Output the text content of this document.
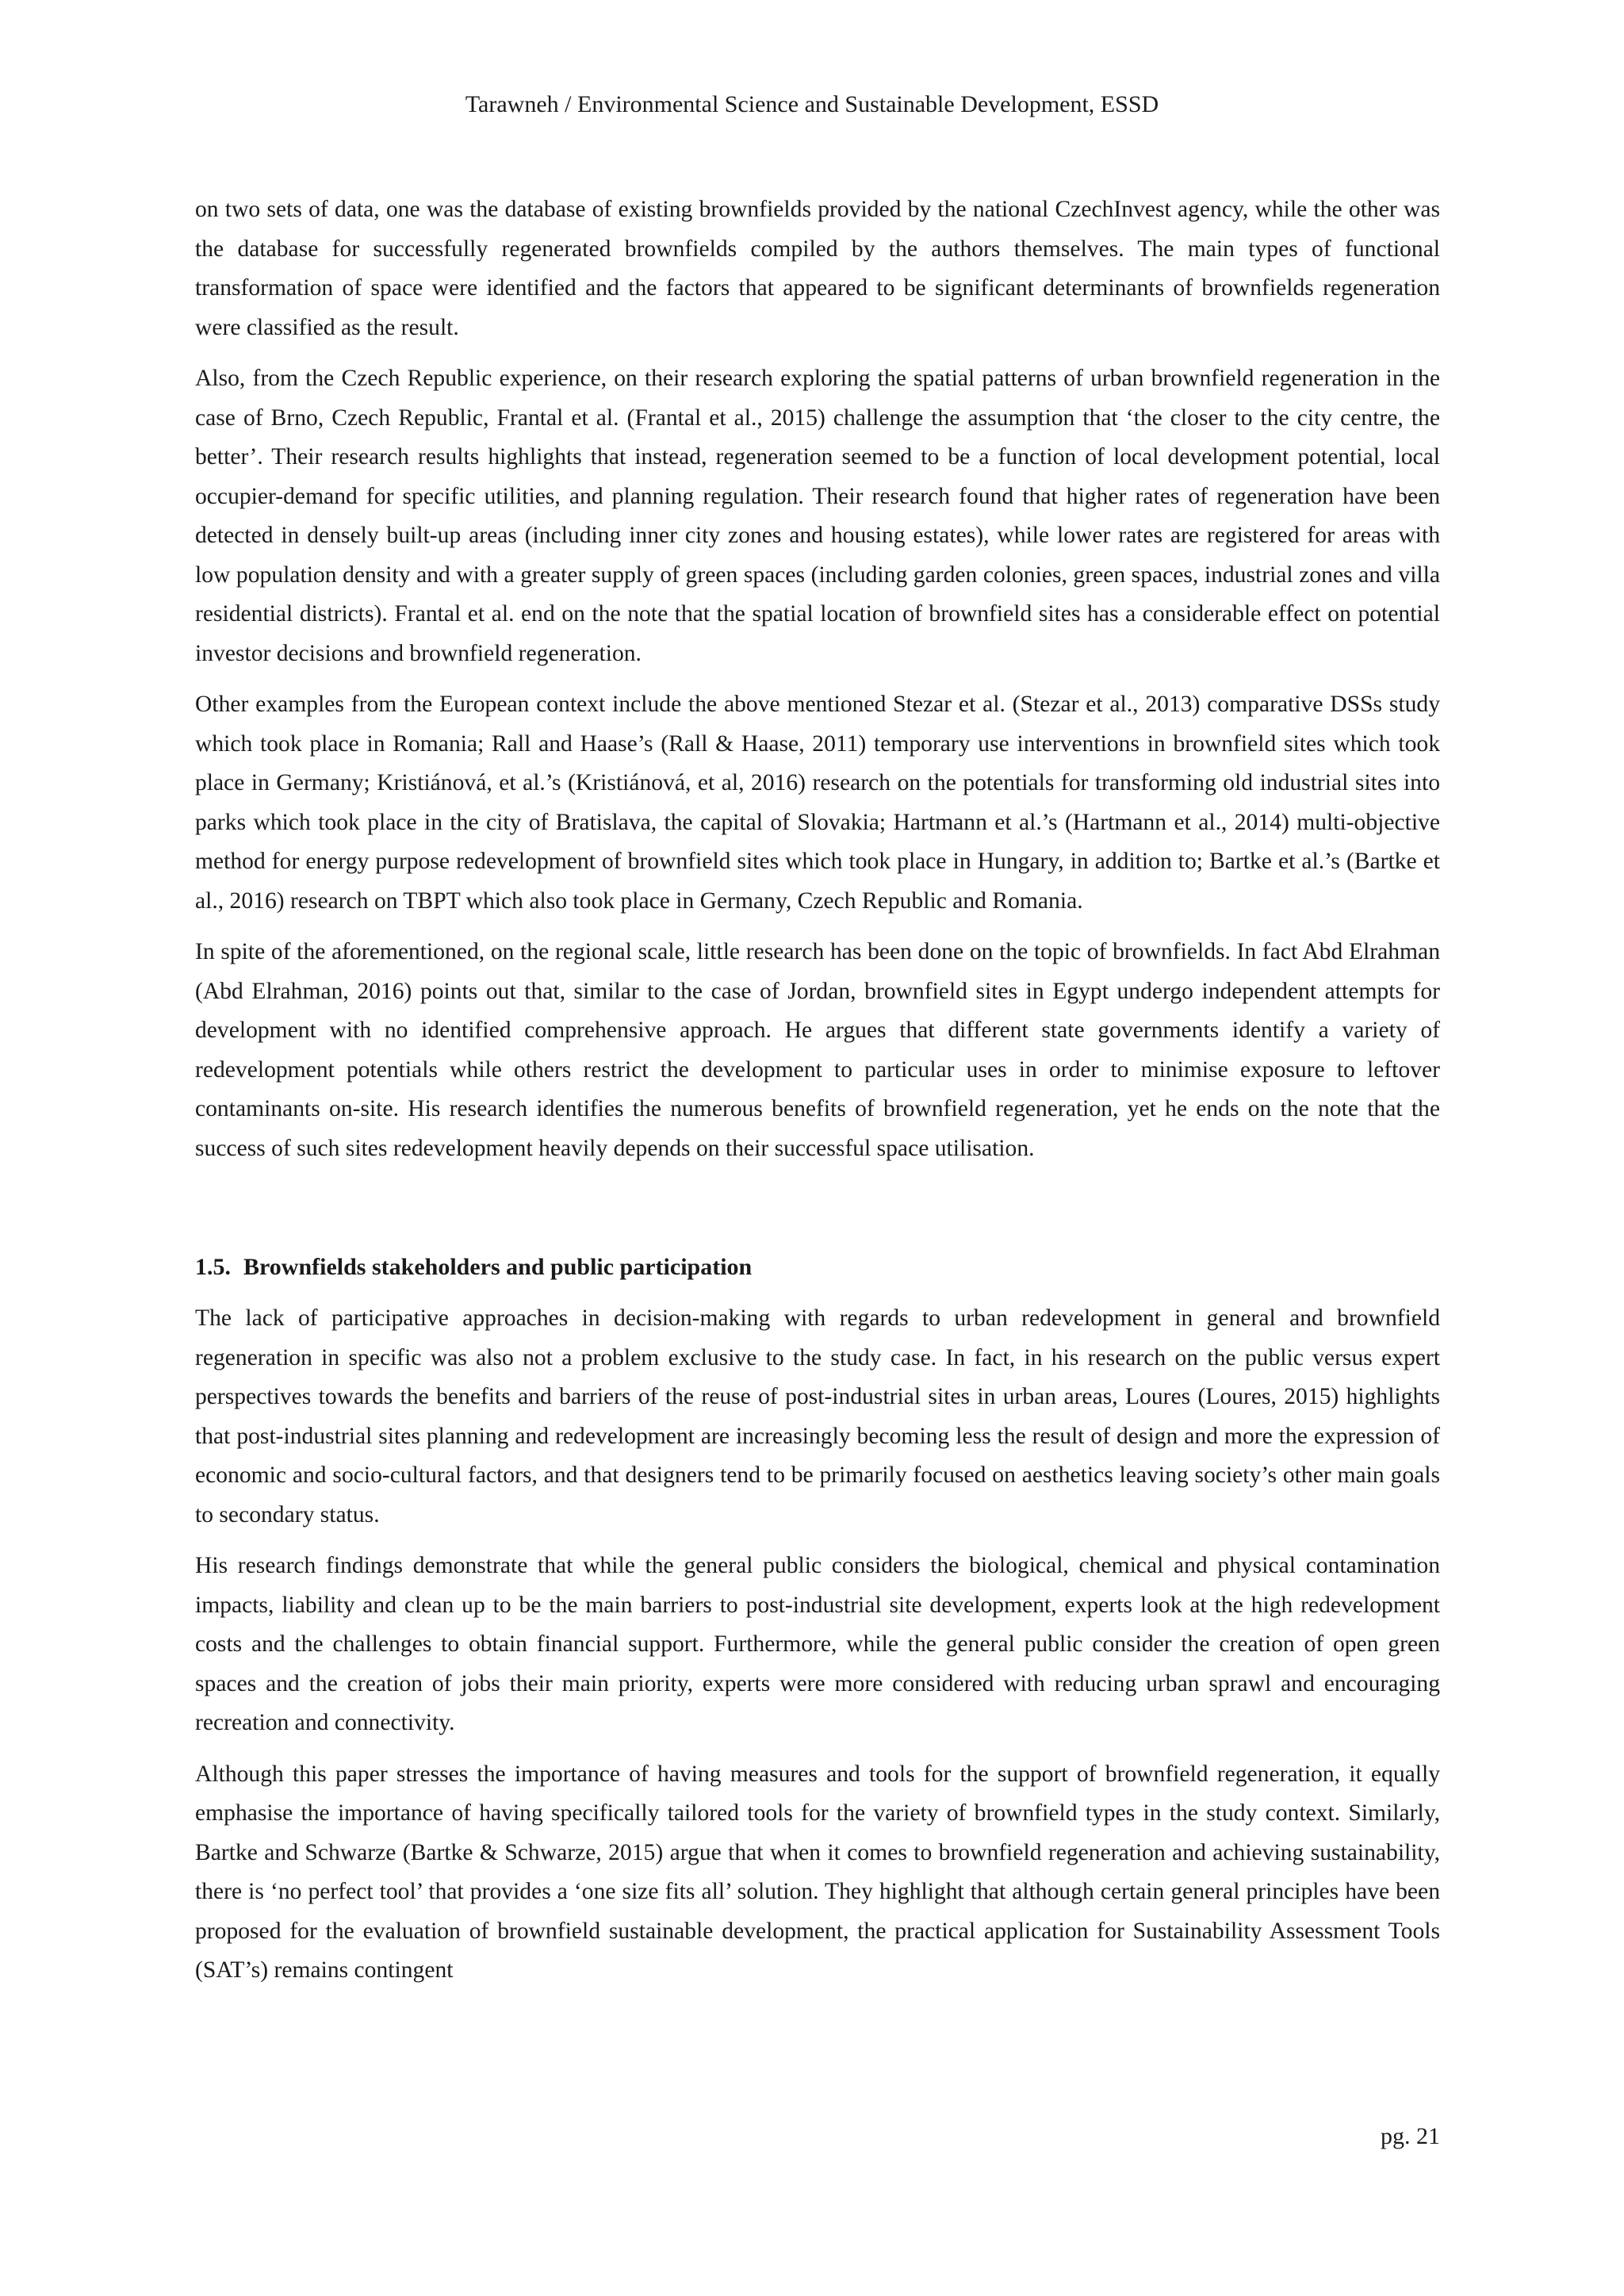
Tarawneh / Environmental Science and Sustainable Development, ESSD

on two sets of data, one was the database of existing brownfields provided by the national CzechInvest agency, while the other was the database for successfully regenerated brownfields compiled by the authors themselves. The main types of functional transformation of space were identified and the factors that appeared to be significant determinants of brownfields regeneration were classified as the result.

Also, from the Czech Republic experience, on their research exploring the spatial patterns of urban brownfield regeneration in the case of Brno, Czech Republic, Frantal et al. (Frantal et al., 2015) challenge the assumption that ‘the closer to the city centre, the better’. Their research results highlights that instead, regeneration seemed to be a function of local development potential, local occupier-demand for specific utilities, and planning regulation. Their research found that higher rates of regeneration have been detected in densely built-up areas (including inner city zones and housing estates), while lower rates are registered for areas with low population density and with a greater supply of green spaces (including garden colonies, green spaces, industrial zones and villa residential districts). Frantal et al. end on the note that the spatial location of brownfield sites has a considerable effect on potential investor decisions and brownfield regeneration.

Other examples from the European context include the above mentioned Stezar et al. (Stezar et al., 2013) comparative DSSs study which took place in Romania; Rall and Haase’s (Rall & Haase, 2011) temporary use interventions in brownfield sites which took place in Germany; Kristiánová, et al.’s (Kristiánová, et al, 2016) research on the potentials for transforming old industrial sites into parks which took place in the city of Bratislava, the capital of Slovakia; Hartmann et al.’s (Hartmann et al., 2014) multi-objective method for energy purpose redevelopment of brownfield sites which took place in Hungary, in addition to; Bartke et al.’s (Bartke et al., 2016) research on TBPT which also took place in Germany, Czech Republic and Romania.

In spite of the aforementioned, on the regional scale, little research has been done on the topic of brownfields. In fact Abd Elrahman (Abd Elrahman, 2016) points out that, similar to the case of Jordan, brownfield sites in Egypt undergo independent attempts for development with no identified comprehensive approach. He argues that different state governments identify a variety of redevelopment potentials while others restrict the development to particular uses in order to minimise exposure to leftover contaminants on-site. His research identifies the numerous benefits of brownfield regeneration, yet he ends on the note that the success of such sites redevelopment heavily depends on their successful space utilisation.

1.5. Brownfields stakeholders and public participation

The lack of participative approaches in decision-making with regards to urban redevelopment in general and brownfield regeneration in specific was also not a problem exclusive to the study case. In fact, in his research on the public versus expert perspectives towards the benefits and barriers of the reuse of post-industrial sites in urban areas, Loures (Loures, 2015) highlights that post-industrial sites planning and redevelopment are increasingly becoming less the result of design and more the expression of economic and socio-cultural factors, and that designers tend to be primarily focused on aesthetics leaving society’s other main goals to secondary status.

His research findings demonstrate that while the general public considers the biological, chemical and physical contamination impacts, liability and clean up to be the main barriers to post-industrial site development, experts look at the high redevelopment costs and the challenges to obtain financial support. Furthermore, while the general public consider the creation of open green spaces and the creation of jobs their main priority, experts were more considered with reducing urban sprawl and encouraging recreation and connectivity.

Although this paper stresses the importance of having measures and tools for the support of brownfield regeneration, it equally emphasise the importance of having specifically tailored tools for the variety of brownfield types in the study context. Similarly, Bartke and Schwarze (Bartke & Schwarze, 2015) argue that when it comes to brownfield regeneration and achieving sustainability, there is ‘no perfect tool’ that provides a ‘one size fits all’ solution. They highlight that although certain general principles have been proposed for the evaluation of brownfield sustainable development, the practical application for Sustainability Assessment Tools (SAT’s) remains contingent

pg. 21
